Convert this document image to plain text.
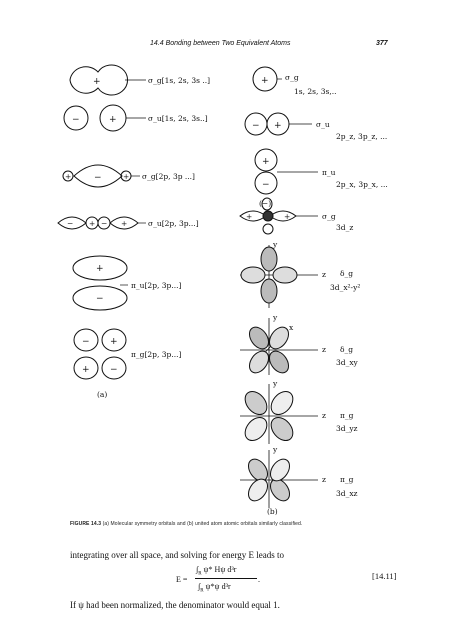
14.4 Bonding between Two Equivalent Atoms	377
+	σ_g[1s, 2s, 3s ..]
−	+	σ_u[1s, 2s, 3s..]
+	−	+ σ_g[2p, 3p ...]
− + − +	σ_u[2p, 3p...]
+
−
π_u[2p, 3p...]
− +
+ −
π_g[2p, 3p...]
(a)
+ σ_g
1s, 2s, 3s,..
− +	σ_u
2p_z, 3p_z, ...
+
−
π_u
2p_x, 3p_x, ...
(−)
+	+	σ_g
3d_z
y
z δ_g
3d_x²-y²
y
x
z δ_g
3d_xy
y
z π_g
3d_yz
y
z π_g
3d_xz
(b)
FIGURE 14.3 (a) Molecular symmetry orbitals and (b) united atom atomic orbitals similarly classified.
integrating over all space, and solving for energy E leads to
E =
$\int_R$ ψ* Hψ d³r
$\int_R$ ψ*ψ d³r
.	[14.11]
If ψ had been normalized, the denominator would equal 1.
